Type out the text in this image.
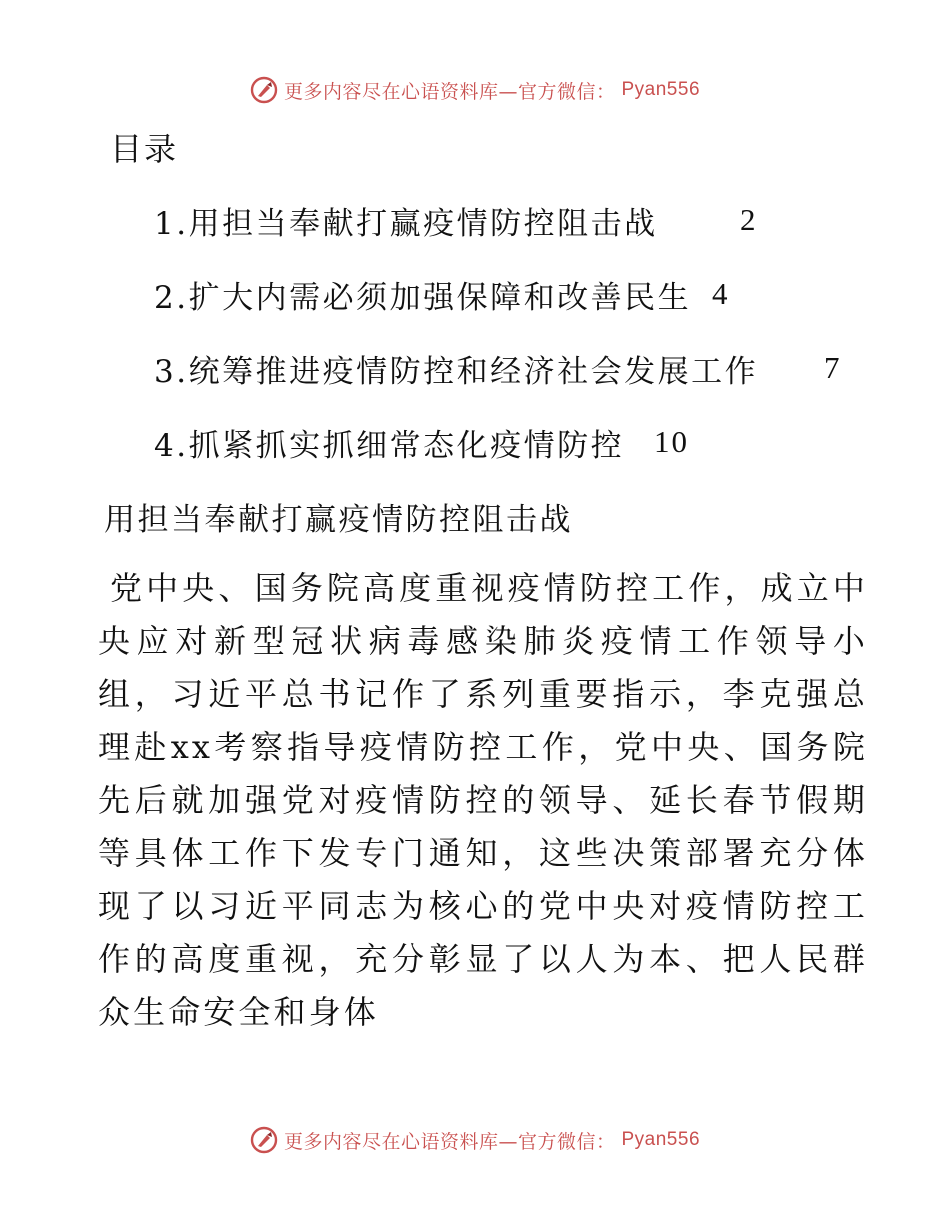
更多内容尽在心语资料库—官方微信： Pyan556
目录
1.用担当奉献打赢疫情防控阻击战	2
2.扩大内需必须加强保障和改善民生 4
3.统筹推进疫情防控和经济社会发展工作 7
4.抓紧抓实抓细常态化疫情防控 10
用担当奉献打赢疫情防控阻击战

党中央、国务院高度重视疫情防控工作，成立中央应对新型冠状病毒感染肺炎疫情工作领导小组，习近平总书记作了系列重要指示，李克强总理赴xx考察指导疫情防控工作，党中央、国务院先后就加强党对疫情防控的领导、延长春节假期等具体工作下发专门通知，这些决策部署充分体现了以习近平同志为核心的党中央对疫情防控工作的高度重视，充分彰显了以人为本、把人民群众生命安全和身体

更多内容尽在心语资料库—官方微信： Pyan556
